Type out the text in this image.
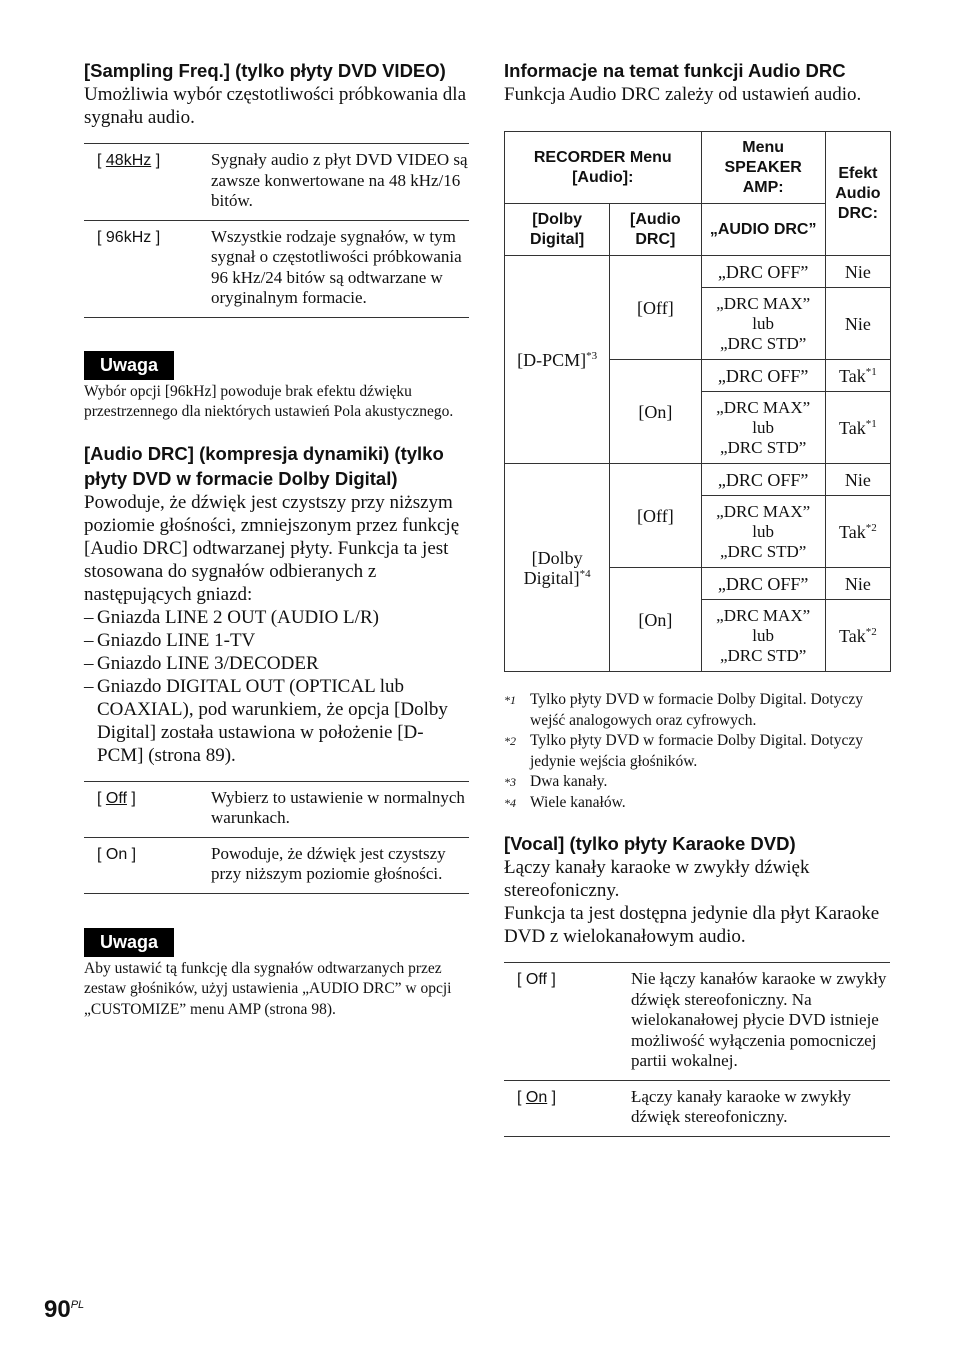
[Sampling Freq.] (tylko płyty DVD VIDEO)

Umożliwia wybór częstotliwości próbkowania dla sygnału audio.

[ 48kHz ]	Sygnały audio z płyt DVD VIDEO są zawsze konwertowane na 48 kHz/16 bitów.
[ 96kHz ]	Wszystkie rodzaje sygnałów, w tym sygnał o częstotliwości próbkowania 96 kHz/24 bitów są odtwarzane w oryginalnym formacie.
Uwaga

Wybór opcji [96kHz] powoduje brak efektu dźwięku przestrzennego dla niektórych ustawień Pola akustycznego.

[Audio DRC] (kompresja dynamiki) (tylko płyty DVD w formacie Dolby Digital)

Powoduje, że dźwięk jest czystszy przy niższym poziomie głośności, zmniejszonym przez funkcję [Audio DRC] odtwarzanej płyty. Funkcja ta jest stosowana do sygnałów odbieranych z następujących gniazd:

– Gniazda LINE 2 OUT (AUDIO L/R)
– Gniazdo LINE 1-TV
– Gniazdo LINE 3/DECODER
– Gniazdo DIGITAL OUT (OPTICAL lub COAXIAL), pod warunkiem, że opcja [Dolby Digital] została ustawiona w położenie [D-PCM] (strona 89).
[ Off ]	Wybierz to ustawienie w normalnych warunkach.
[ On ]	Powoduje, że dźwięk jest czystszy przy niższym poziomie głośności.
Uwaga

Aby ustawić tą funkcję dla sygnałów odtwarzanych przez zestaw głośników, użyj ustawienia „AUDIO DRC” w opcji „CUSTOMIZE” menu AMP (strona 98).

Informacje na temat funkcji Audio DRC

Funkcja Audio DRC zależy od ustawień audio.

RECORDER Menu [Audio]:		Menu SPEAKER AMP:	Efekt Audio DRC:
[Dolby Digital]	[Audio DRC]	„AUDIO DRC”	
$[D-PCM]^{*3}$	[Off]	„DRC OFF”	Nie
		„DRC MAX”
lub
„DRC STD”	Nie
	[On]	„DRC OFF”	Tak$^{*1}$
		„DRC MAX”
lub
„DRC STD”	Tak$^{*1}$
[Dolby Digital]$^{*4}$	[Off]	„DRC OFF”	Nie
		„DRC MAX”
lub
„DRC STD”	Tak$^{*2}$
	[On]	„DRC OFF”	Nie
		„DRC MAX”
lub
„DRC STD”	Tak$^{*2}$
*1 Tylko płyty DVD w formacie Dolby Digital. Dotyczy wejść analogowych oraz cyfrowych.
*2 Tylko płyty DVD w formacie Dolby Digital. Dotyczy jedynie wejścia głośników.
*3 Dwa kanały.
*4 Wiele kanałów.
[Vocal] (tylko płyty Karaoke DVD)

Łączy kanały karaoke w zwykły dźwięk stereofoniczny.

Funkcja ta jest dostępna jedynie dla płyt Karaoke DVD z wielokanałowym audio.

[ Off ]	Nie łączy kanałów karaoke w zwykły dźwięk stereofoniczny. Na wielokanałowej płycie DVD istnieje możliwość wyłączenia pomocniczej partii wokalnej.
[ On ]	Łączy kanały karaoke w zwykły dźwięk stereofoniczny.
$90^{PL}$
